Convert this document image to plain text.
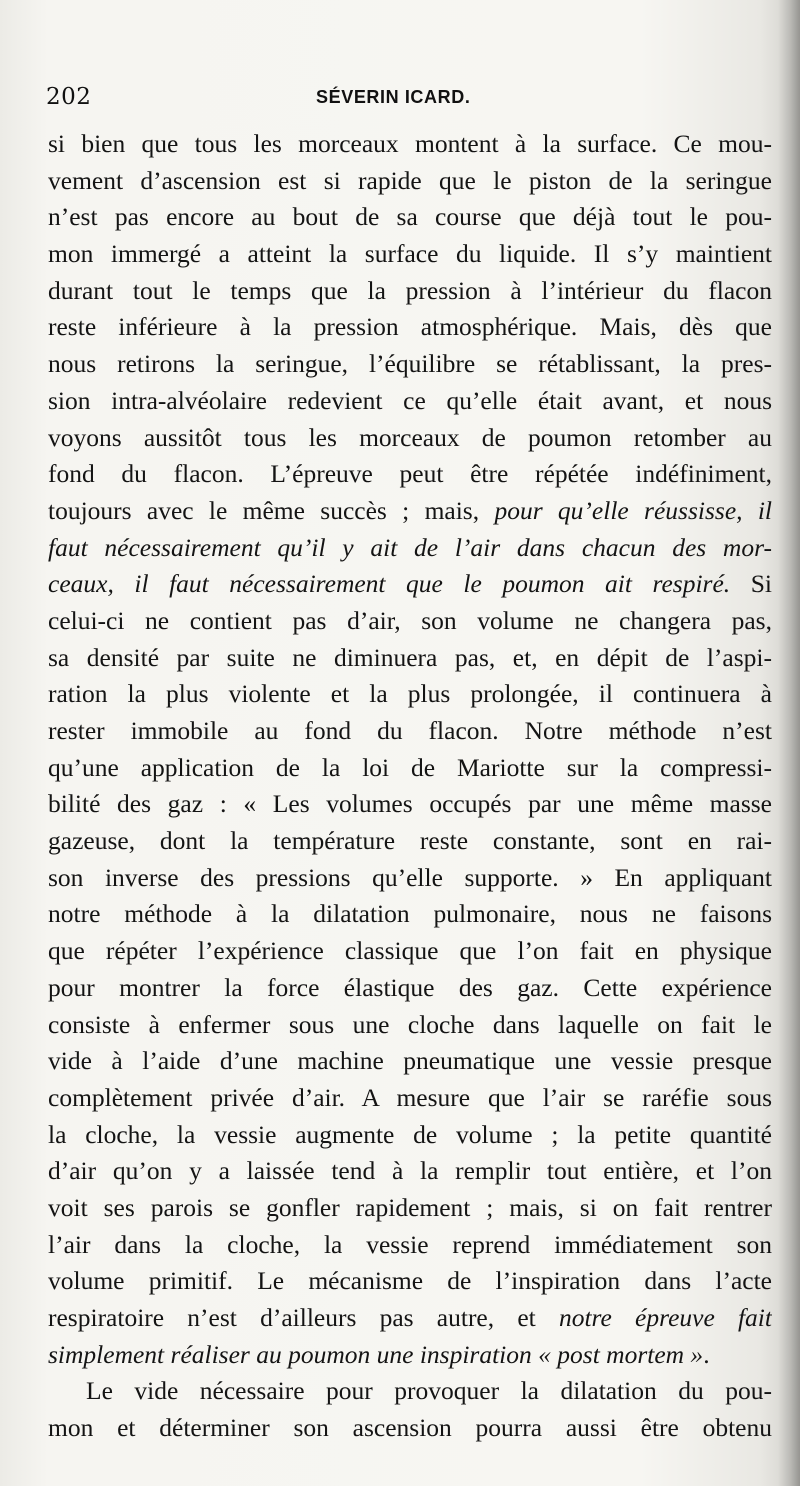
202	SÉVERIN ICARD.
si bien que tous les morceaux montent à la surface. Ce mou-
vement d’ascension est si rapide que le piston de la seringue
n’est pas encore au bout de sa course que déjà tout le pou-
mon immergé a atteint la surface du liquide. Il s’y maintient
durant tout le temps que la pression à l’intérieur du flacon
reste inférieure à la pression atmosphérique. Mais, dès que
nous retirons la seringue, l’équilibre se rétablissant, la pres-
sion intra-alvéolaire redevient ce qu’elle était avant, et nous
voyons aussitôt tous les morceaux de poumon retomber au
fond du flacon. L’épreuve peut être répétée indéfiniment,
toujours avec le même succès ; mais, pour qu’elle réussisse, il
faut nécessairement qu’il y ait de l’air dans chacun des mor-
ceaux, il faut nécessairement que le poumon ait respiré. Si
celui-ci ne contient pas d’air, son volume ne changera pas,
sa densité par suite ne diminuera pas, et, en dépit de l’aspi-
ration la plus violente et la plus prolongée, il continuera à
rester immobile au fond du flacon. Notre méthode n’est
qu’une application de la loi de Mariotte sur la compressi-
bilité des gaz : « Les volumes occupés par une même masse
gazeuse, dont la température reste constante, sont en rai-
son inverse des pressions qu’elle supporte. » En appliquant
notre méthode à la dilatation pulmonaire, nous ne faisons
que répéter l’expérience classique que l’on fait en physique
pour montrer la force élastique des gaz. Cette expérience
consiste à enfermer sous une cloche dans laquelle on fait le
vide à l’aide d’une machine pneumatique une vessie presque
complètement privée d’air. A mesure que l’air se raréfie sous
la cloche, la vessie augmente de volume ; la petite quantité
d’air qu’on y a laissée tend à la remplir tout entière, et l’on
voit ses parois se gonfler rapidement ; mais, si on fait rentrer
l’air dans la cloche, la vessie reprend immédiatement son
volume primitif. Le mécanisme de l’inspiration dans l’acte
respiratoire n’est d’ailleurs pas autre, et notre épreuve fait
simplement réaliser au poumon une inspiration « post mortem ».
Le vide nécessaire pour provoquer la dilatation du pou-
mon et déterminer son ascension pourra aussi être obtenu
